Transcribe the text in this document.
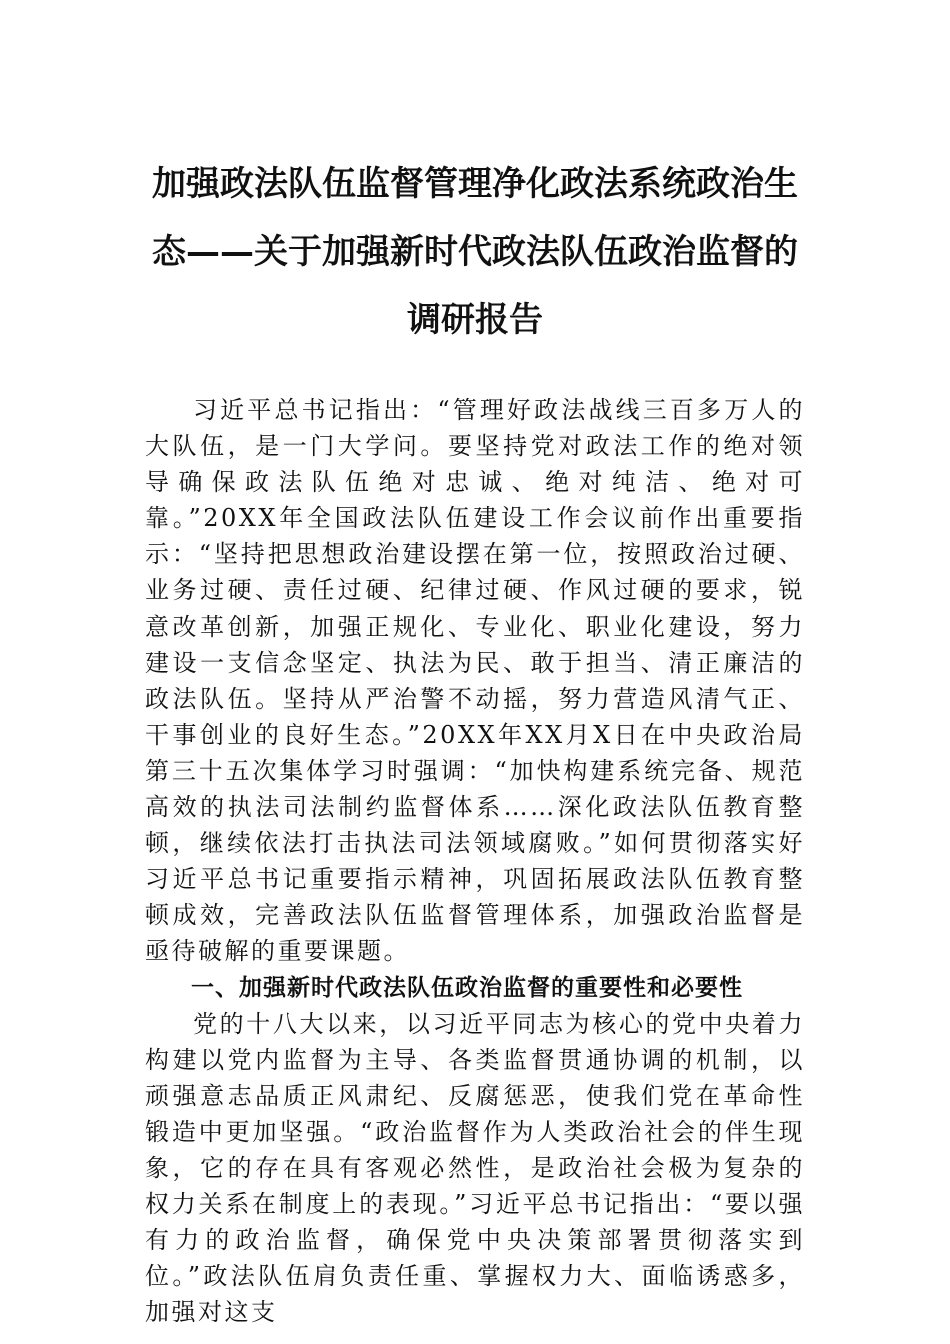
加强政法队伍监督管理净化政法系统政治生态——关于加强新时代政法队伍政治监督的调研报告

习近平总书记指出：“管理好政法战线三百多万人的大队伍，是一门大学问。要坚持党对政法工作的绝对领导确保政法队伍绝对忠诚、绝对纯洁、绝对可靠。”20XX年全国政法队伍建设工作会议前作出重要指示：“坚持把思想政治建设摆在第一位，按照政治过硬、业务过硬、责任过硬、纪律过硬、作风过硬的要求，锐意改革创新，加强正规化、专业化、职业化建设，努力建设一支信念坚定、执法为民、敢于担当、清正廉洁的政法队伍。坚持从严治警不动摇，努力营造风清气正、干事创业的良好生态。”20XX年XX月X日在中央政治局第三十五次集体学习时强调：“加快构建系统完备、规范高效的执法司法制约监督体系……深化政法队伍教育整顿，继续依法打击执法司法领域腐败。”如何贯彻落实好习近平总书记重要指示精神，巩固拓展政法队伍教育整顿成效，完善政法队伍监督管理体系，加强政治监督是亟待破解的重要课题。

一、加强新时代政法队伍政治监督的重要性和必要性

党的十八大以来，以习近平同志为核心的党中央着力构建以党内监督为主导、各类监督贯通协调的机制，以顽强意志品质正风肃纪、反腐惩恶，使我们党在革命性锻造中更加坚强。“政治监督作为人类政治社会的伴生现象，它的存在具有客观必然性，是政治社会极为复杂的权力关系在制度上的表现。”习近平总书记指出：“要以强有力的政治监督，确保党中央决策部署贯彻落实到位。”政法队伍肩负责任重、掌握权力大、面临诱惑多，加强对这支
